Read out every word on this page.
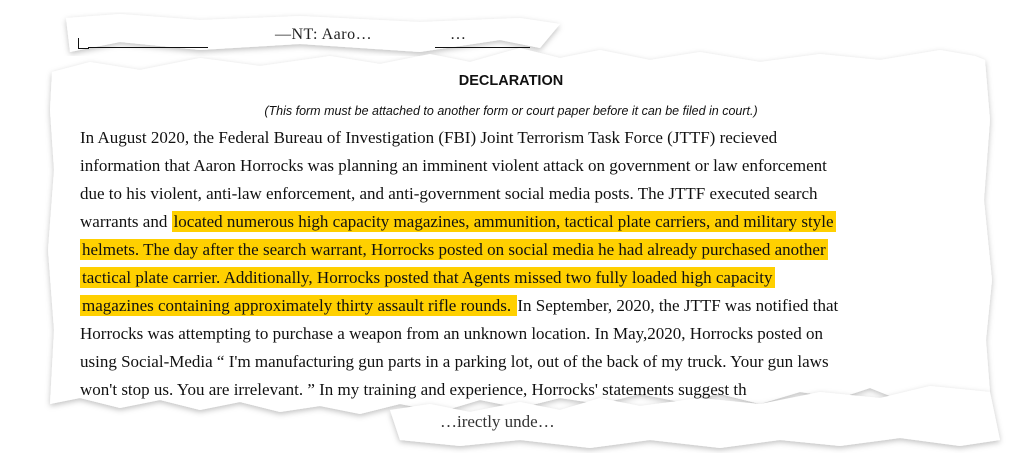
—NT: Aaro…	…
DECLARATION
(This form must be attached to another form or court paper before it can be filed in court.)
In August 2020, the Federal Bureau of Investigation (FBI) Joint Terrorism Task Force (JTTF) recieved
information that Aaron Horrocks was planning an imminent violent attack on government or law enforcement
due to his violent, anti-law enforcement, and anti-government social media posts. The JTTF executed search
warrants and located numerous high capacity magazines, ammunition, tactical plate carriers, and military style
helmets. The day after the search warrant, Horrocks posted on social media he had already purchased another
tactical plate carrier. Additionally, Horrocks posted that Agents missed two fully loaded high capacity
magazines containing approximately thirty assault rifle rounds. In September, 2020, the JTTF was notified that
Horrocks was attempting to purchase a weapon from an unknown location. In May,2020, Horrocks posted on
using Social-Media “ I'm manufacturing gun parts in a parking lot, out of the back of my truck. Your gun laws
won't stop us. You are irrelevant. ” In my training and experience, Horrocks' statements suggest th
…irectly unde…
